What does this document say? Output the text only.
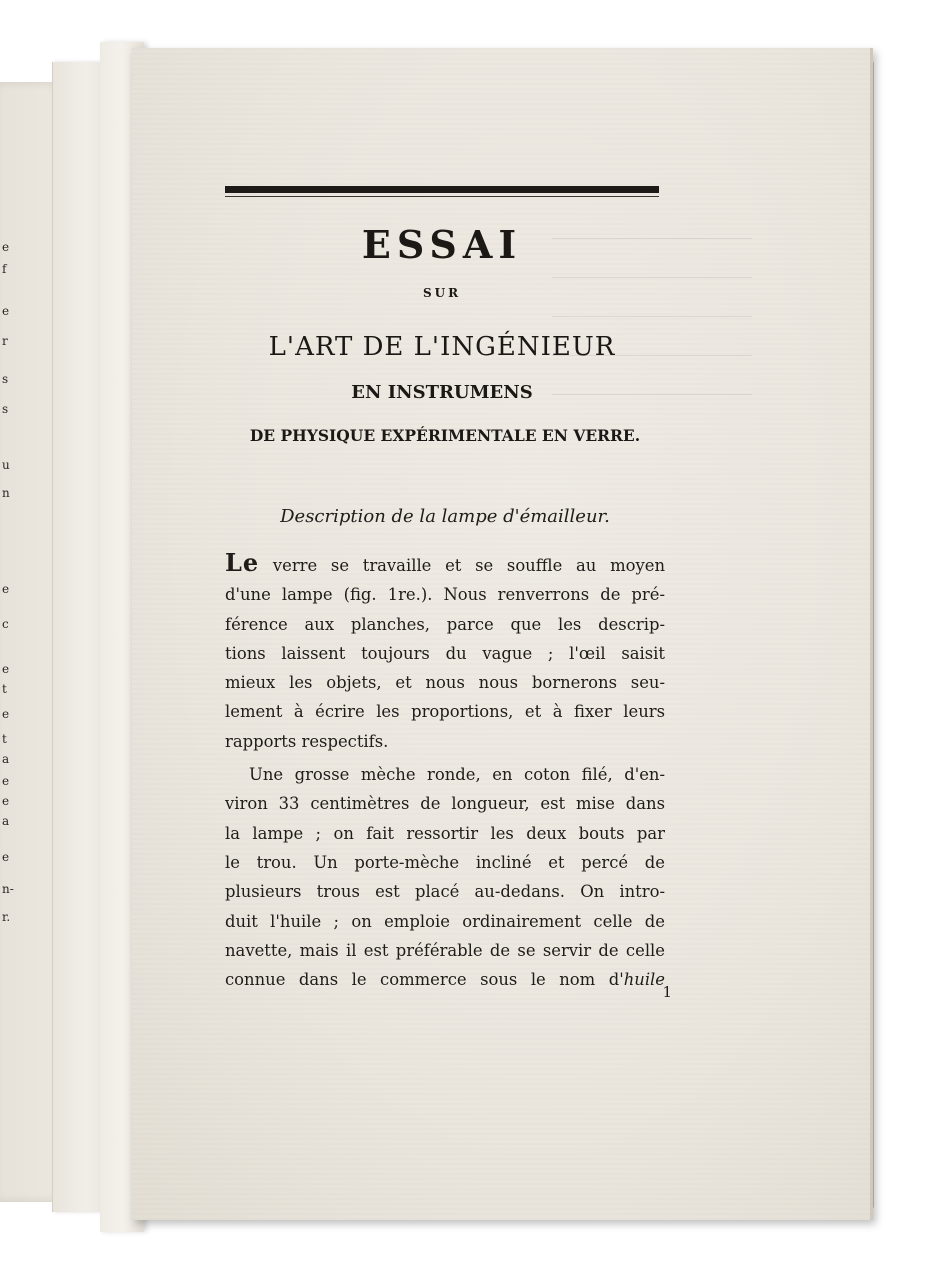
e
f
e
r
s
s
u
n
e
c
e
t
e
t
a
e
e
a
e
n-
r.
ESSAI
SUR
L'ART DE L'INGÉNIEUR
EN INSTRUMENS
DE PHYSIQUE EXPÉRIMENTALE EN VERRE.
Description de la lampe d'émailleur.
Le verre se travaille et se souffle au moyen
d'une lampe (fig. 1re.). Nous renverrons de pré-
férence aux planches, parce que les descrip-
tions laissent toujours du vague ; l'œil saisit
mieux les objets, et nous nous bornerons seu-
lement à écrire les proportions, et à fixer leurs
rapports respectifs.
Une grosse mèche ronde, en coton filé, d'en-
viron 33 centimètres de longueur, est mise dans
la lampe ; on fait ressortir les deux bouts par
le trou. Un porte-mèche incliné et percé de
plusieurs trous est placé au-dedans. On intro-
duit l'huile ; on emploie ordinairement celle de
navette, mais il est préférable de se servir de celle
connue dans le commerce sous le nom d'huile
1
